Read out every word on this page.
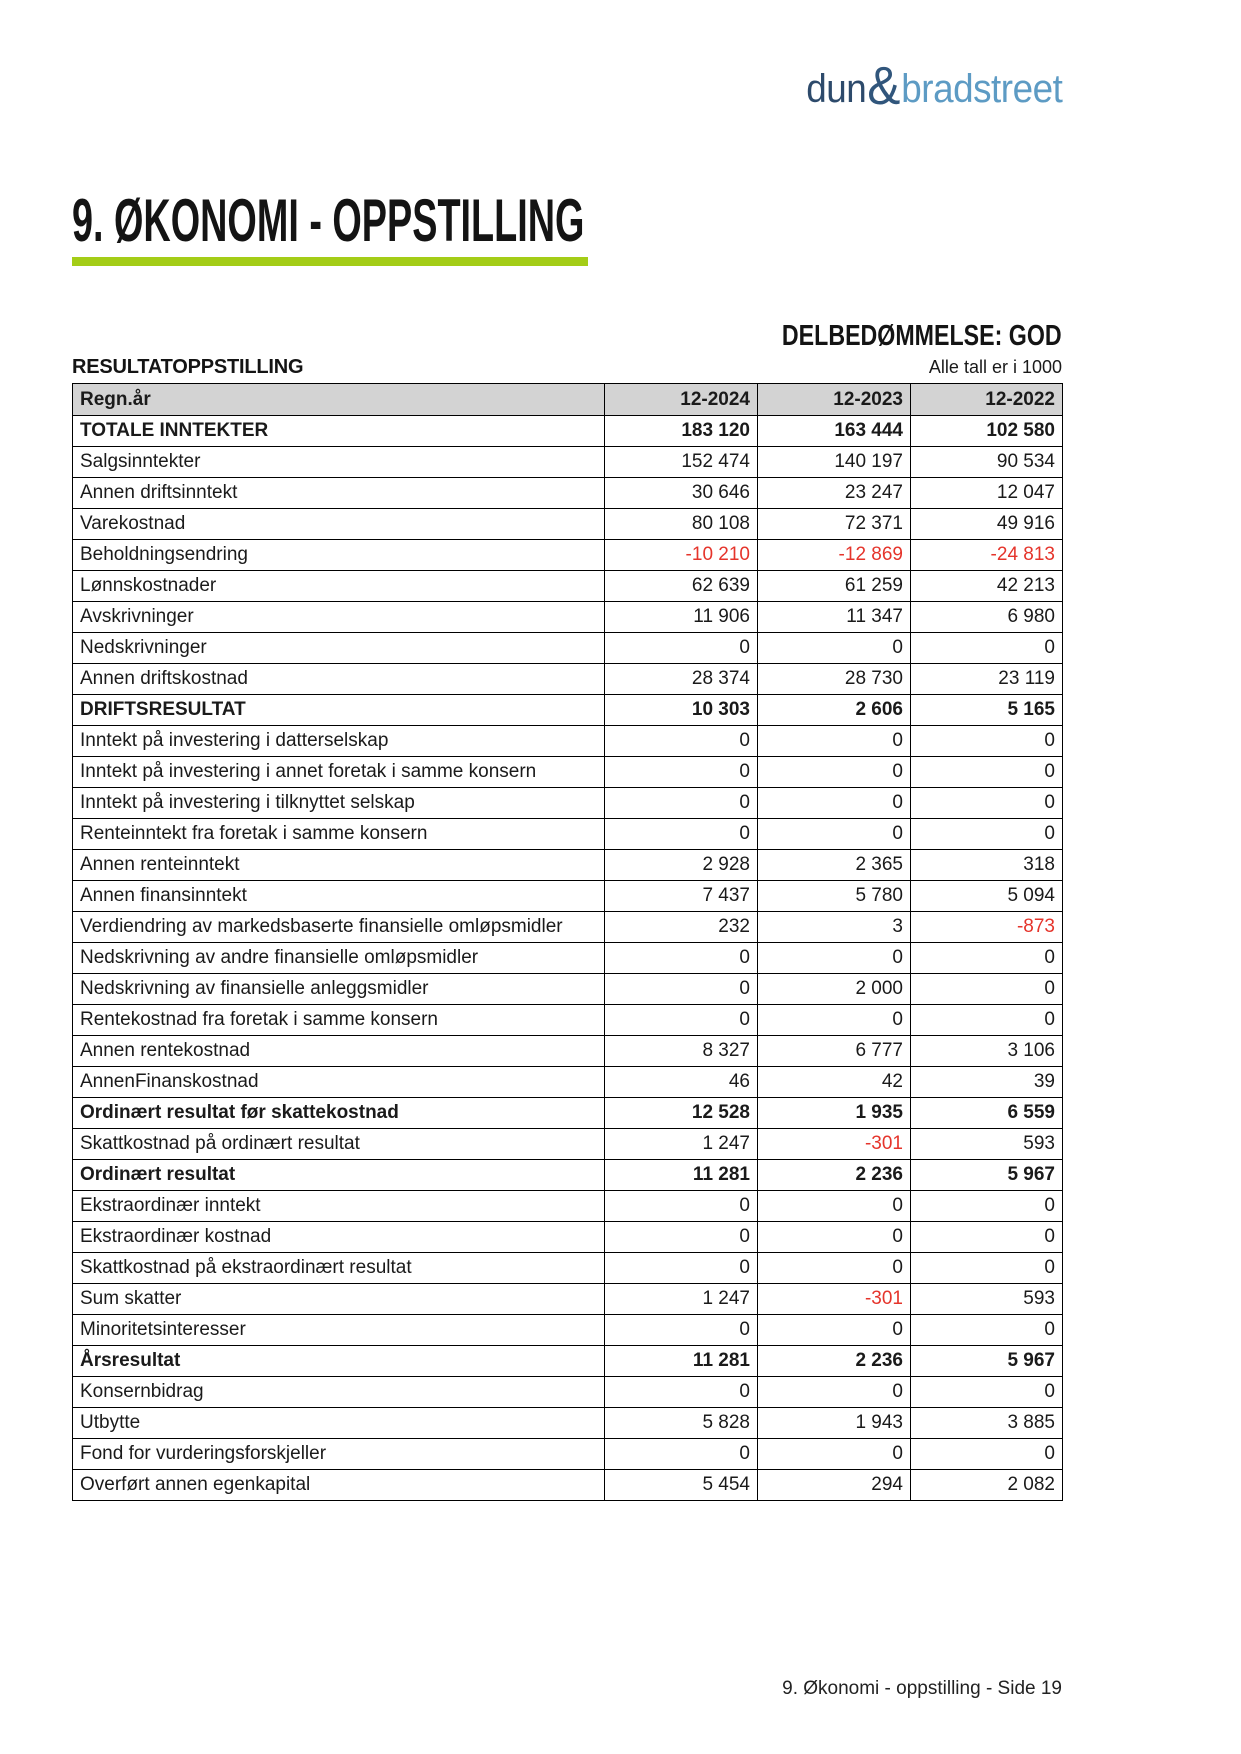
dun & bradstreet
9. ØKONOMI - OPPSTILLING
DELBEDØMMELSE: GOD
RESULTATOPPSTILLING	Alle tall er i 1000
Regn.år	12-2024	12-2023	12-2022
TOTALE INNTEKTER	183 120	163 444	102 580
Salgsinntekter	152 474	140 197	90 534
Annen driftsinntekt	30 646	23 247	12 047
Varekostnad	80 108	72 371	49 916
Beholdningsendring	-10 210	-12 869	-24 813
Lønnskostnader	62 639	61 259	42 213
Avskrivninger	11 906	11 347	6 980
Nedskrivninger	0	0	0
Annen driftskostnad	28 374	28 730	23 119
DRIFTSRESULTAT	10 303	2 606	5 165
Inntekt på investering i datterselskap	0	0	0
Inntekt på investering i annet foretak i samme konsern	0	0	0
Inntekt på investering i tilknyttet selskap	0	0	0
Renteinntekt fra foretak i samme konsern	0	0	0
Annen renteinntekt	2 928	2 365	318
Annen finansinntekt	7 437	5 780	5 094
Verdiendring av markedsbaserte finansielle omløpsmidler	232	3	-873
Nedskrivning av andre finansielle omløpsmidler	0	0	0
Nedskrivning av finansielle anleggsmidler	0	2 000	0
Rentekostnad fra foretak i samme konsern	0	0	0
Annen rentekostnad	8 327	6 777	3 106
AnnenFinanskostnad	46	42	39
Ordinært resultat før skattekostnad	12 528	1 935	6 559
Skattkostnad på ordinært resultat	1 247	-301	593
Ordinært resultat	11 281	2 236	5 967
Ekstraordinær inntekt	0	0	0
Ekstraordinær kostnad	0	0	0
Skattkostnad på ekstraordinært resultat	0	0	0
Sum skatter	1 247	-301	593
Minoritetsinteresser	0	0	0
Årsresultat	11 281	2 236	5 967
Konsernbidrag	0	0	0
Utbytte	5 828	1 943	3 885
Fond for vurderingsforskjeller	0	0	0
Overført annen egenkapital	5 454	294	2 082
9. Økonomi - oppstilling - Side 19
